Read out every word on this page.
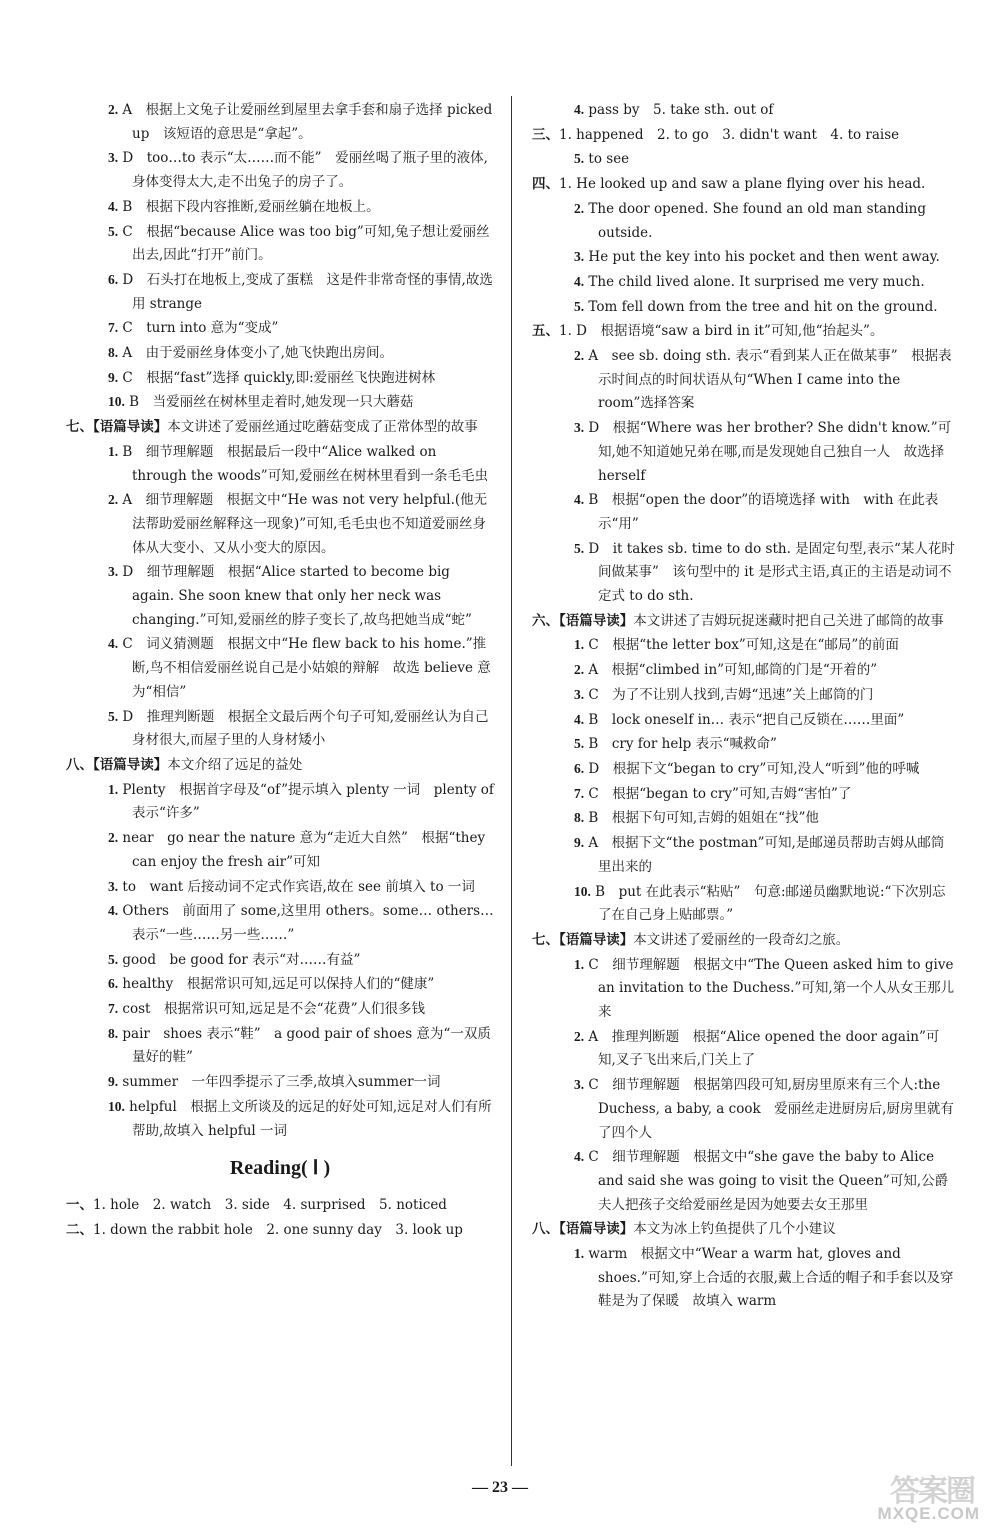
2. A　根据上文兔子让爱丽丝到屋里去拿手套和扇子选择 picked up　该短语的意思是“拿起”。
3. D　too…to 表示“太……而不能”　爱丽丝喝了瓶子里的液体,身体变得太大,走不出兔子的房子了。
4. B　根据下段内容推断,爱丽丝躺在地板上。
5. C　根据“because Alice was too big”可知,兔子想让爱丽丝出去,因此“打开”前门。
6. D　石头打在地板上,变成了蛋糕　这是件非常奇怪的事情,故选用 strange
7. C　turn into 意为“变成”
8. A　由于爱丽丝身体变小了,她飞快跑出房间。
9. C　根据“fast”选择 quickly,即:爱丽丝飞快跑进树林
10. B　当爱丽丝在树林里走着时,她发现一只大蘑菇
七、【语篇导读】本文讲述了爱丽丝通过吃蘑菇变成了正常体型的故事
1. B　细节理解题　根据最后一段中“Alice walked on through the woods”可知,爱丽丝在树林里看到一条毛毛虫
2. A　细节理解题　根据文中“He was not very helpful.(他无法帮助爱丽丝解释这一现象)”可知,毛毛虫也不知道爱丽丝身体从大变小、又从小变大的原因。
3. D　细节理解题　根据“Alice started to become big again. She soon knew that only her neck was changing.”可知,爱丽丝的脖子变长了,故鸟把她当成“蛇”
4. C　词义猜测题　根据文中“He flew back to his home.”推断,鸟不相信爱丽丝说自己是小姑娘的辩解　故选 believe 意为“相信”
5. D　推理判断题　根据全文最后两个句子可知,爱丽丝认为自己身材很大,而屋子里的人身材矮小
八、【语篇导读】本文介绍了远足的益处
1. Plenty　根据首字母及“of”提示填入 plenty 一词　plenty of 表示“许多”
2. near　go near the nature 意为“走近大自然”　根据“they can enjoy the fresh air”可知
3. to　want 后接动词不定式作宾语,故在 see 前填入 to 一词
4. Others　前面用了 some,这里用 others。some… others… 表示“一些……另一些……”
5. good　be good for 表示“对……有益”
6. healthy　根据常识可知,远足可以保持人们的“健康”
7. cost　根据常识可知,远足是不会“花费”人们很多钱
8. pair　shoes 表示“鞋”　a good pair of shoes 意为“一双质量好的鞋”
9. summer　一年四季提示了三季,故填入summer一词
10. helpful　根据上文所谈及的远足的好处可知,远足对人们有所帮助,故填入 helpful 一词
Reading( Ⅰ )
一、1. hole　2. watch　3. side　4. surprised　5. noticed
二、1. down the rabbit hole　2. one sunny day　3. look up
4. pass by　5. take sth. out of
三、1. happened　2. to go　3. didn't want　4. to raise
5. to see
四、1. He looked up and saw a plane flying over his head.
2. The door opened. She found an old man standing outside.
3. He put the key into his pocket and then went away.
4. The child lived alone. It surprised me very much.
5. Tom fell down from the tree and hit on the ground.
五、1. D　根据语境“saw a bird in it”可知,他“抬起头”。
2. A　see sb. doing sth. 表示“看到某人正在做某事”　根据表示时间点的时间状语从句“When I came into the room”选择答案
3. D　根据“Where was her brother? She didn't know.”可知,她不知道她兄弟在哪,而是发现她自己独自一人　故选择 herself
4. B　根据“open the door”的语境选择 with　with 在此表示“用”
5. D　it takes sb. time to do sth. 是固定句型,表示“某人花时间做某事”　该句型中的 it 是形式主语,真正的主语是动词不定式 to do sth.
六、【语篇导读】本文讲述了吉姆玩捉迷藏时把自己关进了邮筒的故事
1. C　根据“the letter box”可知,这是在“邮局”的前面
2. A　根据“climbed in”可知,邮筒的门是“开着的”
3. C　为了不让别人找到,吉姆“迅速”关上邮筒的门
4. B　lock oneself in… 表示“把自己反锁在……里面”
5. B　cry for help 表示“喊救命”
6. D　根据下文“began to cry”可知,没人“听到”他的呼喊
7. C　根据“began to cry”可知,吉姆“害怕”了
8. B　根据下句可知,吉姆的姐姐在“找”他
9. A　根据下文“the postman”可知,是邮递员帮助吉姆从邮筒里出来的
10. B　put 在此表示“粘贴”　句意:邮递员幽默地说:“下次别忘了在自己身上贴邮票。”
七、【语篇导读】本文讲述了爱丽丝的一段奇幻之旅。
1. C　细节理解题　根据文中“The Queen asked him to give an invitation to the Duchess.”可知,第一个人从女王那儿来
2. A　推理判断题　根据“Alice opened the door again”可知,叉子飞出来后,门关上了
3. C　细节理解题　根据第四段可知,厨房里原来有三个人:the Duchess, a baby, a cook　爱丽丝走进厨房后,厨房里就有了四个人
4. C　细节理解题　根据文中“she gave the baby to Alice and said she was going to visit the Queen”可知,公爵夫人把孩子交给爱丽丝是因为她要去女王那里
八、【语篇导读】本文为冰上钓鱼提供了几个小建议
1. warm　根据文中“Wear a warm hat, gloves and shoes.”可知,穿上合适的衣服,戴上合适的帽子和手套以及穿鞋是为了保暖　故填入 warm
— 23 —	答案圈
MXQE.COM
